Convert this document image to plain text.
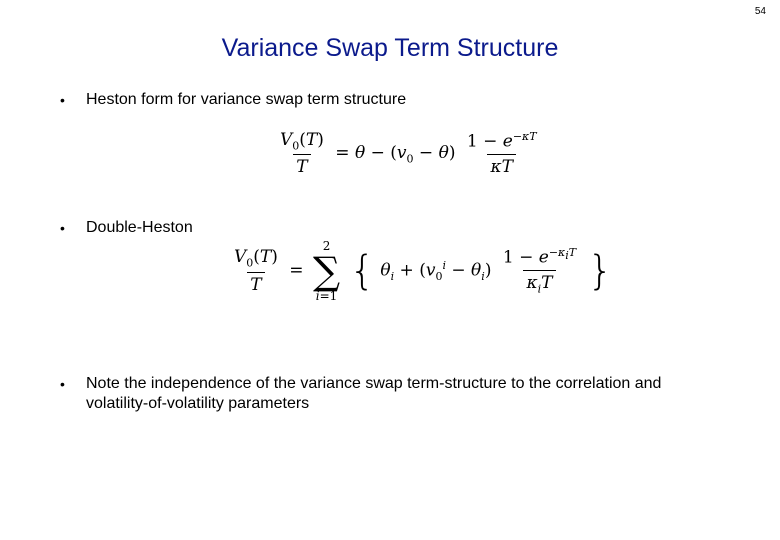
54
Variance Swap Term Structure
•	Heston form for variance swap term structure
$\frac{V_0(T)}{T} = \theta - (v_0 - \theta) \frac{1 - e^{-\kappa T}}{\kappa T}$
•	Double-Heston
$\frac{V_0(T)}{T}$ =
2
∑
i=1
{ $\theta_i + (v_0^i - \theta_i) \frac{1 - e^{-\kappa_iT}}{\kappa_iT}$ }
•	Note the independence of the variance swap term-structure to the correlation and volatility-of-volatility parameters
